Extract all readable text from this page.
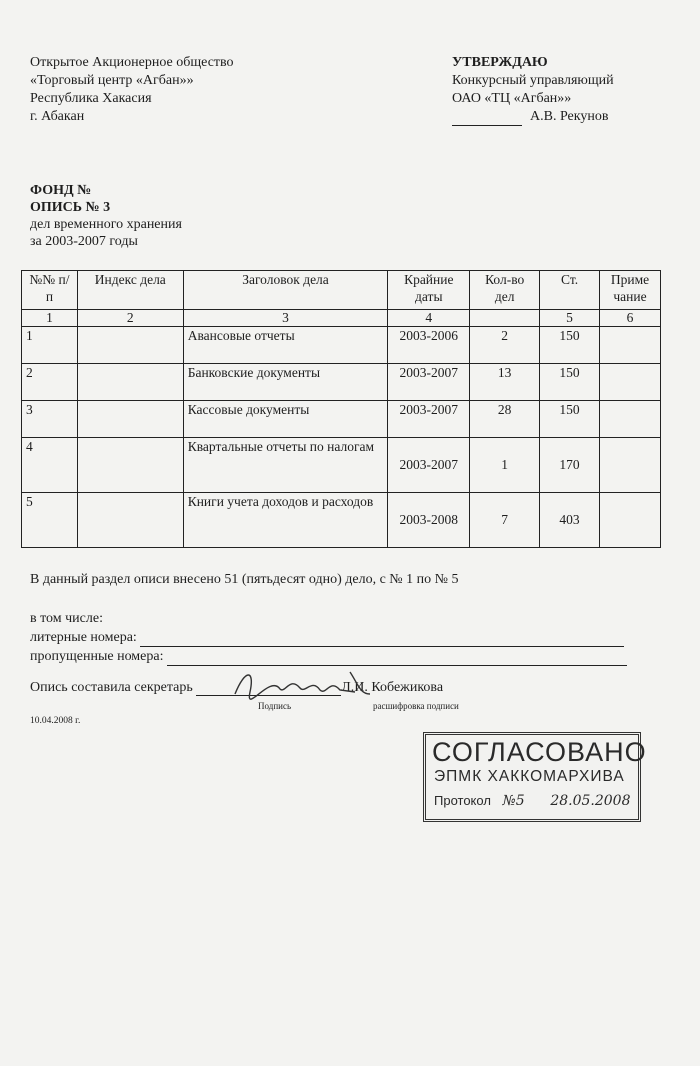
Открытое Акционерное общество
«Торговый центр «Агбан»»
Республика Хакасия
г. Абакан
УТВЕРЖДАЮ
Конкурсный управляющий
ОАО «ТЦ «Агбан»»
А.В. Рекунов
ФОНД №
ОПИСЬ № 3
дел временного хранения
за 2003-2007 годы
№№ п/п	Индекс дела	Заголовок дела	Крайние даты	Кол-во дел	Ст.	Приме чание
1	2	3	4		5	6
1		Авансовые отчеты	2003-2006	2	150	
2		Банковские документы	2003-2007	13	150	
3		Кассовые документы	2003-2007	28	150	
4		Квартальные отчеты по налогам	2003-2007	1	170	
5		Книги учета доходов и расходов	2003-2008	7	403	
В данный раздел описи внесено 51 (пятьдесят одно) дело, с № 1 по № 5
в том числе:
литерные номера:
пропущенные номера:
Опись составила секретарь	Л.И. Кобежикова
Подпись	расшифровка подписи
10.04.2008 г.
СОГЛАСОВАНО
ЭПМК ХАККОМАРХИВА
Протокол №5 28.05.2008
